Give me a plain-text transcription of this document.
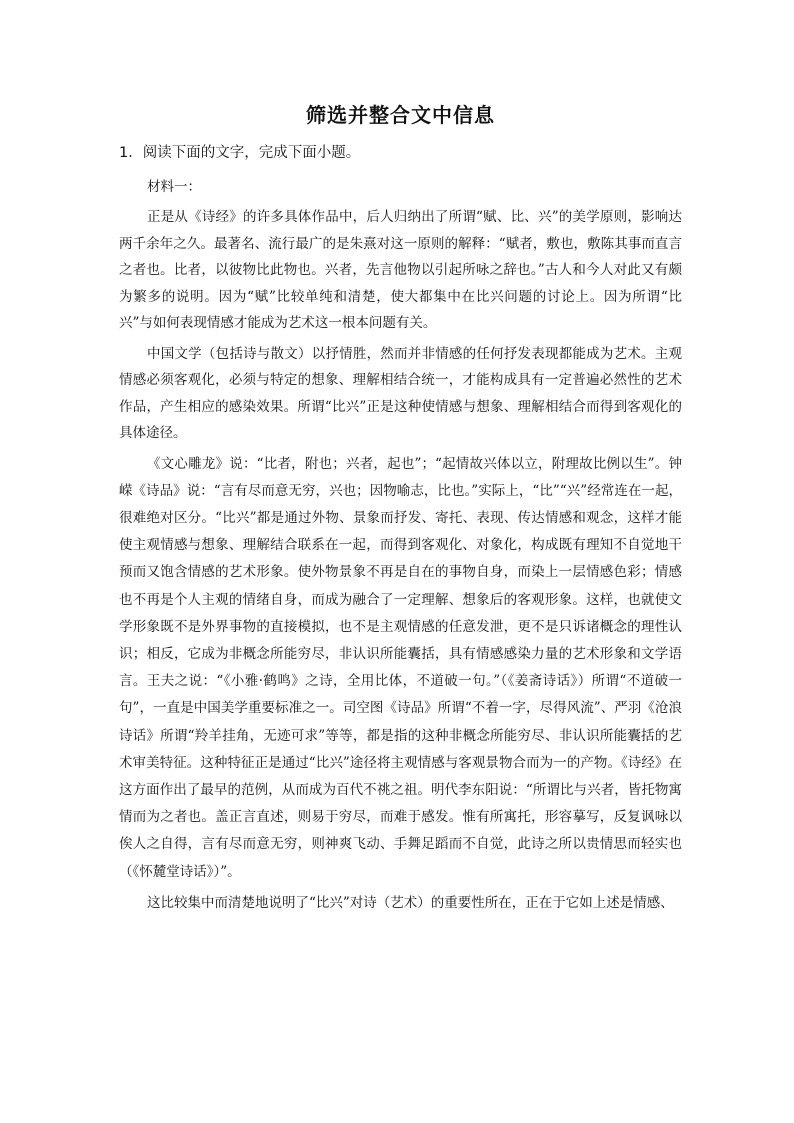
筛选并整合文中信息

1．阅读下面的文字，完成下面小题。

材料一：

正是从《诗经》的许多具体作品中，后人归纳出了所谓“赋、比、兴”的美学原则，影响达两千余年之久。最著名、流行最广的是朱熹对这一原则的解释：“赋者，敷也，敷陈其事而直言之者也。比者，以彼物比此物也。兴者，先言他物以引起所咏之辞也。”古人和今人对此又有颇为繁多的说明。因为“赋”比较单纯和清楚，使大都集中在比兴问题的讨论上。因为所谓“比兴”与如何表现情感才能成为艺术这一根本问题有关。

中国文学（包括诗与散文）以抒情胜，然而并非情感的任何抒发表现都能成为艺术。主观情感必须客观化，必须与特定的想象、理解相结合统一，才能构成具有一定普遍必然性的艺术作品，产生相应的感染效果。所谓“比兴”正是这种使情感与想象、理解相结合而得到客观化的具体途径。

《文心雕龙》说：“比者，附也；兴者，起也”；“起情故兴体以立，附理故比例以生”。钟嵘《诗品》说：“言有尽而意无穷，兴也；因物喻志，比也。”实际上，“比”“兴”经常连在一起，很难绝对区分。“比兴”都是通过外物、景象而抒发、寄托、表现、传达情感和观念，这样才能使主观情感与想象、理解结合联系在一起，而得到客观化、对象化，构成既有理知不自觉地干预而又饱含情感的艺术形象。使外物景象不再是自在的事物自身，而染上一层情感色彩；情感也不再是个人主观的情绪自身，而成为融合了一定理解、想象后的客观形象。这样，也就使文学形象既不是外界事物的直接模拟，也不是主观情感的任意发泄，更不是只诉诸概念的理性认识；相反，它成为非概念所能穷尽，非认识所能囊括，具有情感感染力量的艺术形象和文学语言。王夫之说：“《小雅·鹤鸣》之诗，全用比体，不道破一句。”（《姜斋诗话》）所谓“不道破一句”，一直是中国美学重要标准之一。司空图《诗品》所谓“不着一字，尽得风流”、严羽《沧浪诗话》所谓“羚羊挂角，无迹可求”等等，都是指的这种非概念所能穷尽、非认识所能囊括的艺术审美特征。这种特征正是通过“比兴”途径将主观情感与客观景物合而为一的产物。《诗经》在这方面作出了最早的范例，从而成为百代不祧之祖。明代李东阳说：“所谓比与兴者，皆托物寓情而为之者也。盖正言直述，则易于穷尽，而难于感发。惟有所寓托，形容摹写，反复讽咏以俟人之自得，言有尽而意无穷，则神爽飞动、手舞足蹈而不自觉，此诗之所以贵情思而轻实也（《怀麓堂诗话》）”。

这比较集中而清楚地说明了“比兴”对诗（艺术）的重要性所在，正在于它如上述是情感、
